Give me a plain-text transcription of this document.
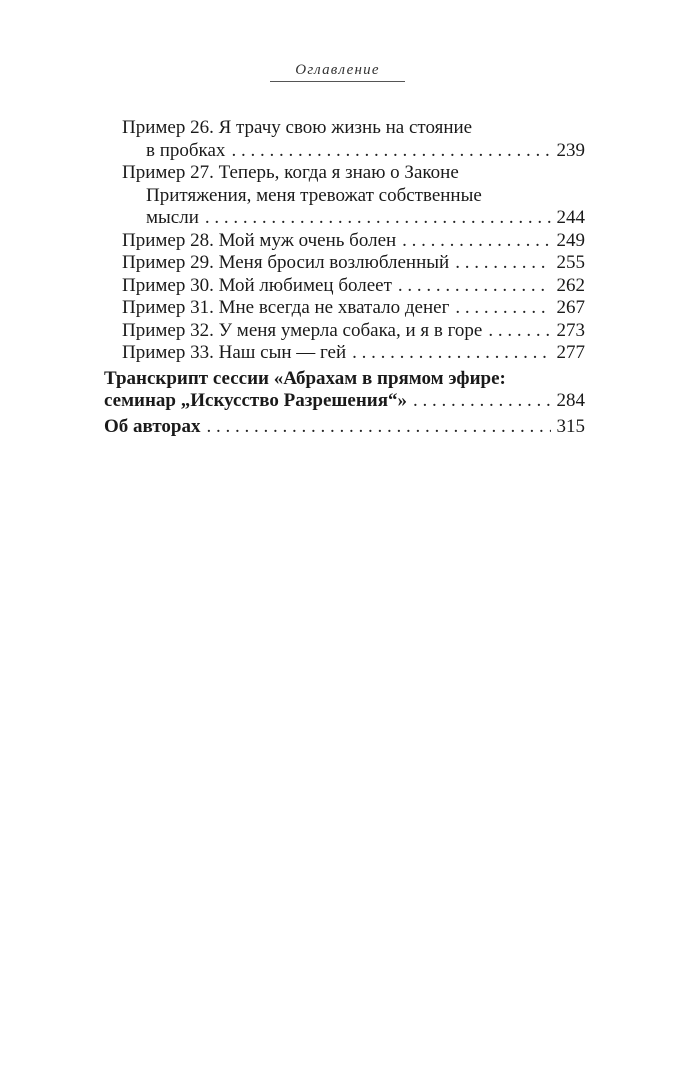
Оглавление
Пример 26. Я трачу свою жизнь на стояние
в пробках . . .	239
Пример 27. Теперь, когда я знаю о Законе
Притяжения, меня тревожат собственные
мысли . . .	244
Пример 28. Мой муж очень болен . . .	249
Пример 29. Меня бросил возлюбленный . . .	255
Пример 30. Мой любимец болеет . . .	262
Пример 31. Мне всегда не хватало денег . . .	267
Пример 32. У меня умерла собака, и я в горе . . .	273
Пример 33. Наш сын — гей . . .	277
Транскрипт сессии «Абрахам в прямом эфире:
семинар „Искусство Разрешения“» . . .	284
Об авторах . . .	315
